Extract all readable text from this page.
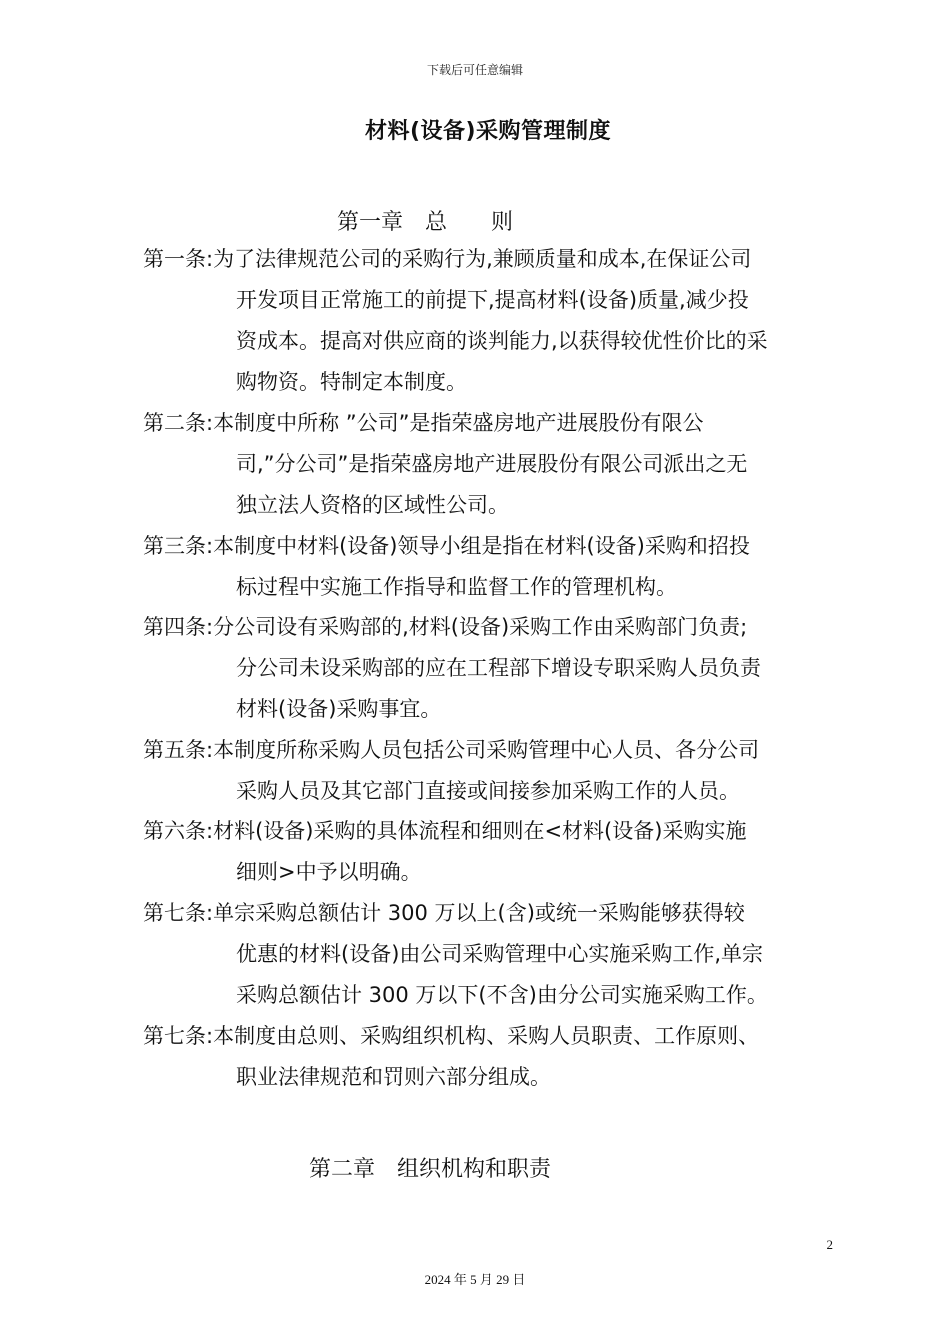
下载后可任意编辑
材料(设备)采购管理制度
第一章　总　　则
第一条:为了法律规范公司的采购行为,兼顾质量和成本,在保证公司
开发项目正常施工的前提下,提高材料(设备)质量,减少投
资成本。提高对供应商的谈判能力,以获得较优性价比的采
购物资。特制定本制度。
第二条:本制度中所称 ”公司”是指荣盛房地产进展股份有限公
司,”分公司”是指荣盛房地产进展股份有限公司派出之无
独立法人资格的区域性公司。
第三条:本制度中材料(设备)领导小组是指在材料(设备)采购和招投
标过程中实施工作指导和监督工作的管理机构。
第四条:分公司设有采购部的,材料(设备)采购工作由采购部门负责;
分公司未设采购部的应在工程部下增设专职采购人员负责
材料(设备)采购事宜。
第五条:本制度所称采购人员包括公司采购管理中心人员、各分公司
采购人员及其它部门直接或间接参加采购工作的人员。
第六条:材料(设备)采购的具体流程和细则在<材料(设备)采购实施
细则>中予以明确。
第七条:单宗采购总额估计 300 万以上(含)或统一采购能够获得较
优惠的材料(设备)由公司采购管理中心实施采购工作,单宗
采购总额估计 300 万以下(不含)由分公司实施采购工作。
第七条:本制度由总则、采购组织机构、采购人员职责、工作原则、
职业法律规范和罚则六部分组成。
第二章　组织机构和职责
2
2024 年 5 月 29 日
